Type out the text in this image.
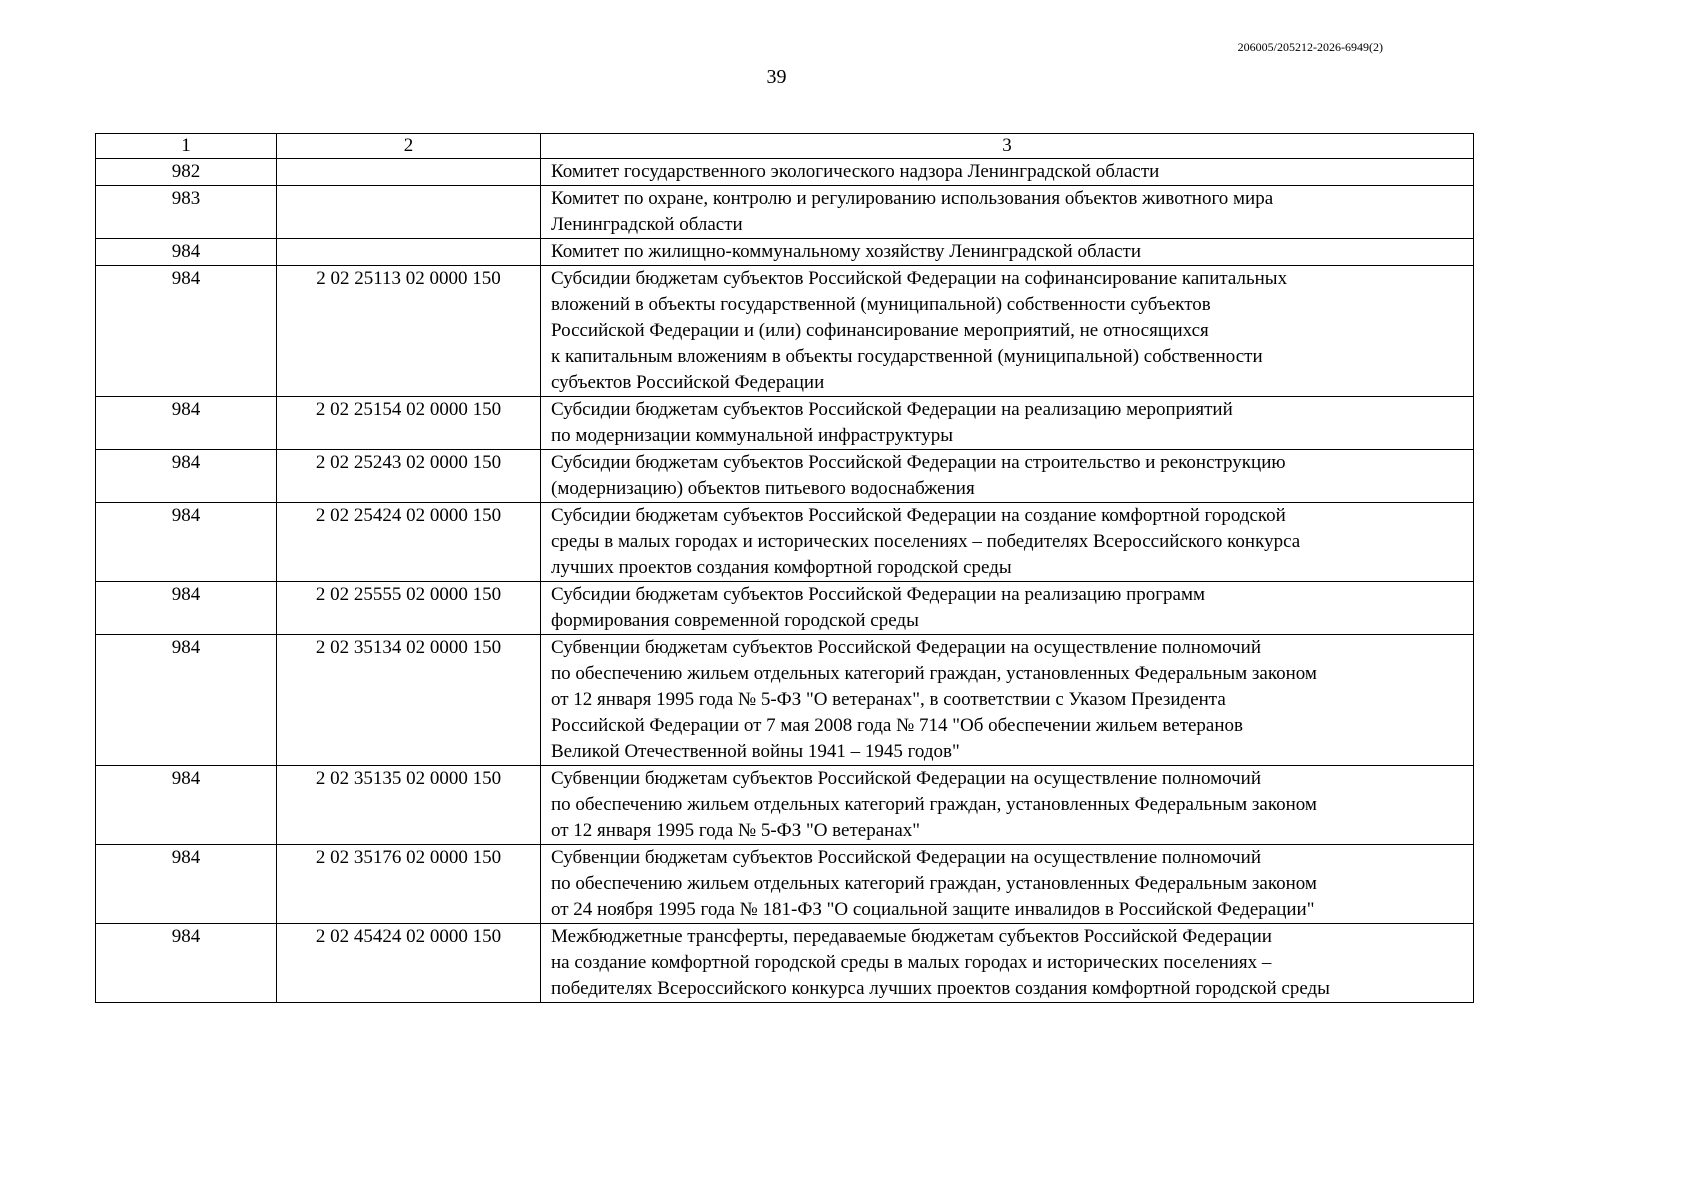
206005/205212-2026-6949(2)
39
1	2	3
982		Комитет государственного экологического надзора Ленинградской области

983		Комитет по охране, контролю и регулированию использования объектов животного мира
Ленинградской области

984		Комитет по жилищно-коммунальному хозяйству Ленинградской области

984	2 02 25113 02 0000 150	Субсидии бюджетам субъектов Российской Федерации на софинансирование капитальных
вложений в объекты государственной (муниципальной) собственности субъектов
Российской Федерации и (или) софинансирование мероприятий, не относящихся
к капитальным вложениям в объекты государственной (муниципальной) собственности
субъектов Российской Федерации

984	2 02 25154 02 0000 150	Субсидии бюджетам субъектов Российской Федерации на реализацию мероприятий
по модернизации коммунальной инфраструктуры

984	2 02 25243 02 0000 150	Субсидии бюджетам субъектов Российской Федерации на строительство и реконструкцию
(модернизацию) объектов питьевого водоснабжения

984	2 02 25424 02 0000 150	Субсидии бюджетам субъектов Российской Федерации на создание комфортной городской
среды в малых городах и исторических поселениях – победителях Всероссийского конкурса
лучших проектов создания комфортной городской среды

984	2 02 25555 02 0000 150	Субсидии бюджетам субъектов Российской Федерации на реализацию программ
формирования современной городской среды

984	2 02 35134 02 0000 150	Субвенции бюджетам субъектов Российской Федерации на осуществление полномочий
по обеспечению жильем отдельных категорий граждан, установленных Федеральным законом
от 12 января 1995 года № 5-ФЗ "О ветеранах", в соответствии с Указом Президента
Российской Федерации от 7 мая 2008 года № 714 "Об обеспечении жильем ветеранов
Великой Отечественной войны 1941 – 1945 годов"

984	2 02 35135 02 0000 150	Субвенции бюджетам субъектов Российской Федерации на осуществление полномочий
по обеспечению жильем отдельных категорий граждан, установленных Федеральным законом
от 12 января 1995 года № 5-ФЗ "О ветеранах"

984	2 02 35176 02 0000 150	Субвенции бюджетам субъектов Российской Федерации на осуществление полномочий
по обеспечению жильем отдельных категорий граждан, установленных Федеральным законом
от 24 ноября 1995 года № 181-ФЗ "О социальной защите инвалидов в Российской Федерации"

984	2 02 45424 02 0000 150	Межбюджетные трансферты, передаваемые бюджетам субъектов Российской Федерации
на создание комфортной городской среды в малых городах и исторических поселениях –
победителях Всероссийского конкурса лучших проектов создания комфортной городской среды
